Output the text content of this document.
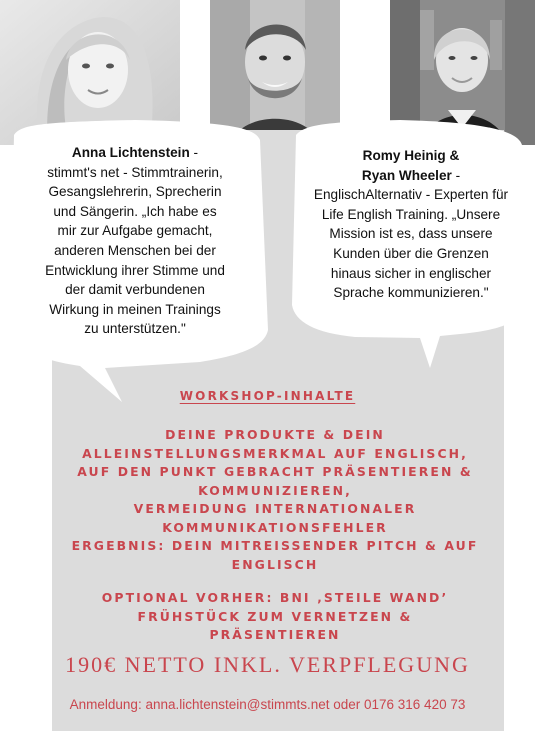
Anna Lichtenstein -
stimmt's net - Stimmtrainerin,
Gesangslehrerin, Sprecherin
und Sängerin. „Ich habe es
mir zur Aufgabe gemacht,
anderen Menschen bei der
Entwicklung ihrer Stimme und
der damit verbundenen
Wirkung in meinen Trainings
zu unterstützen."
Romy Heinig &
Ryan Wheeler -
EnglischAlternativ - Experten für
Life English Training. „Unsere
Mission ist es, dass unsere
Kunden über die Grenzen
hinaus sicher in englischer
Sprache kommunizieren."
WORKSHOP-INHALTE
DEINE PRODUKTE & DEIN
ALLEINSTELLUNGSMERKMAL AUF ENGLISCH,
AUF DEN PUNKT GEBRACHT PRÄSENTIEREN &
KOMMUNIZIEREN,
VERMEIDUNG INTERNATIONALER
KOMMUNIKATIONSFEHLER
ERGEBNIS: DEIN MITREISSENDER PITCH & AUF
ENGLISCH
OPTIONAL VORHER: BNI ‚STEILE WAND’
FRÜHSTÜCK ZUM VERNETZEN &
PRÄSENTIEREN
190€ NETTO INKL. VERPFLEGUNG
Anmeldung: anna.lichtenstein@stimmts.net oder 0176 316 420 73
